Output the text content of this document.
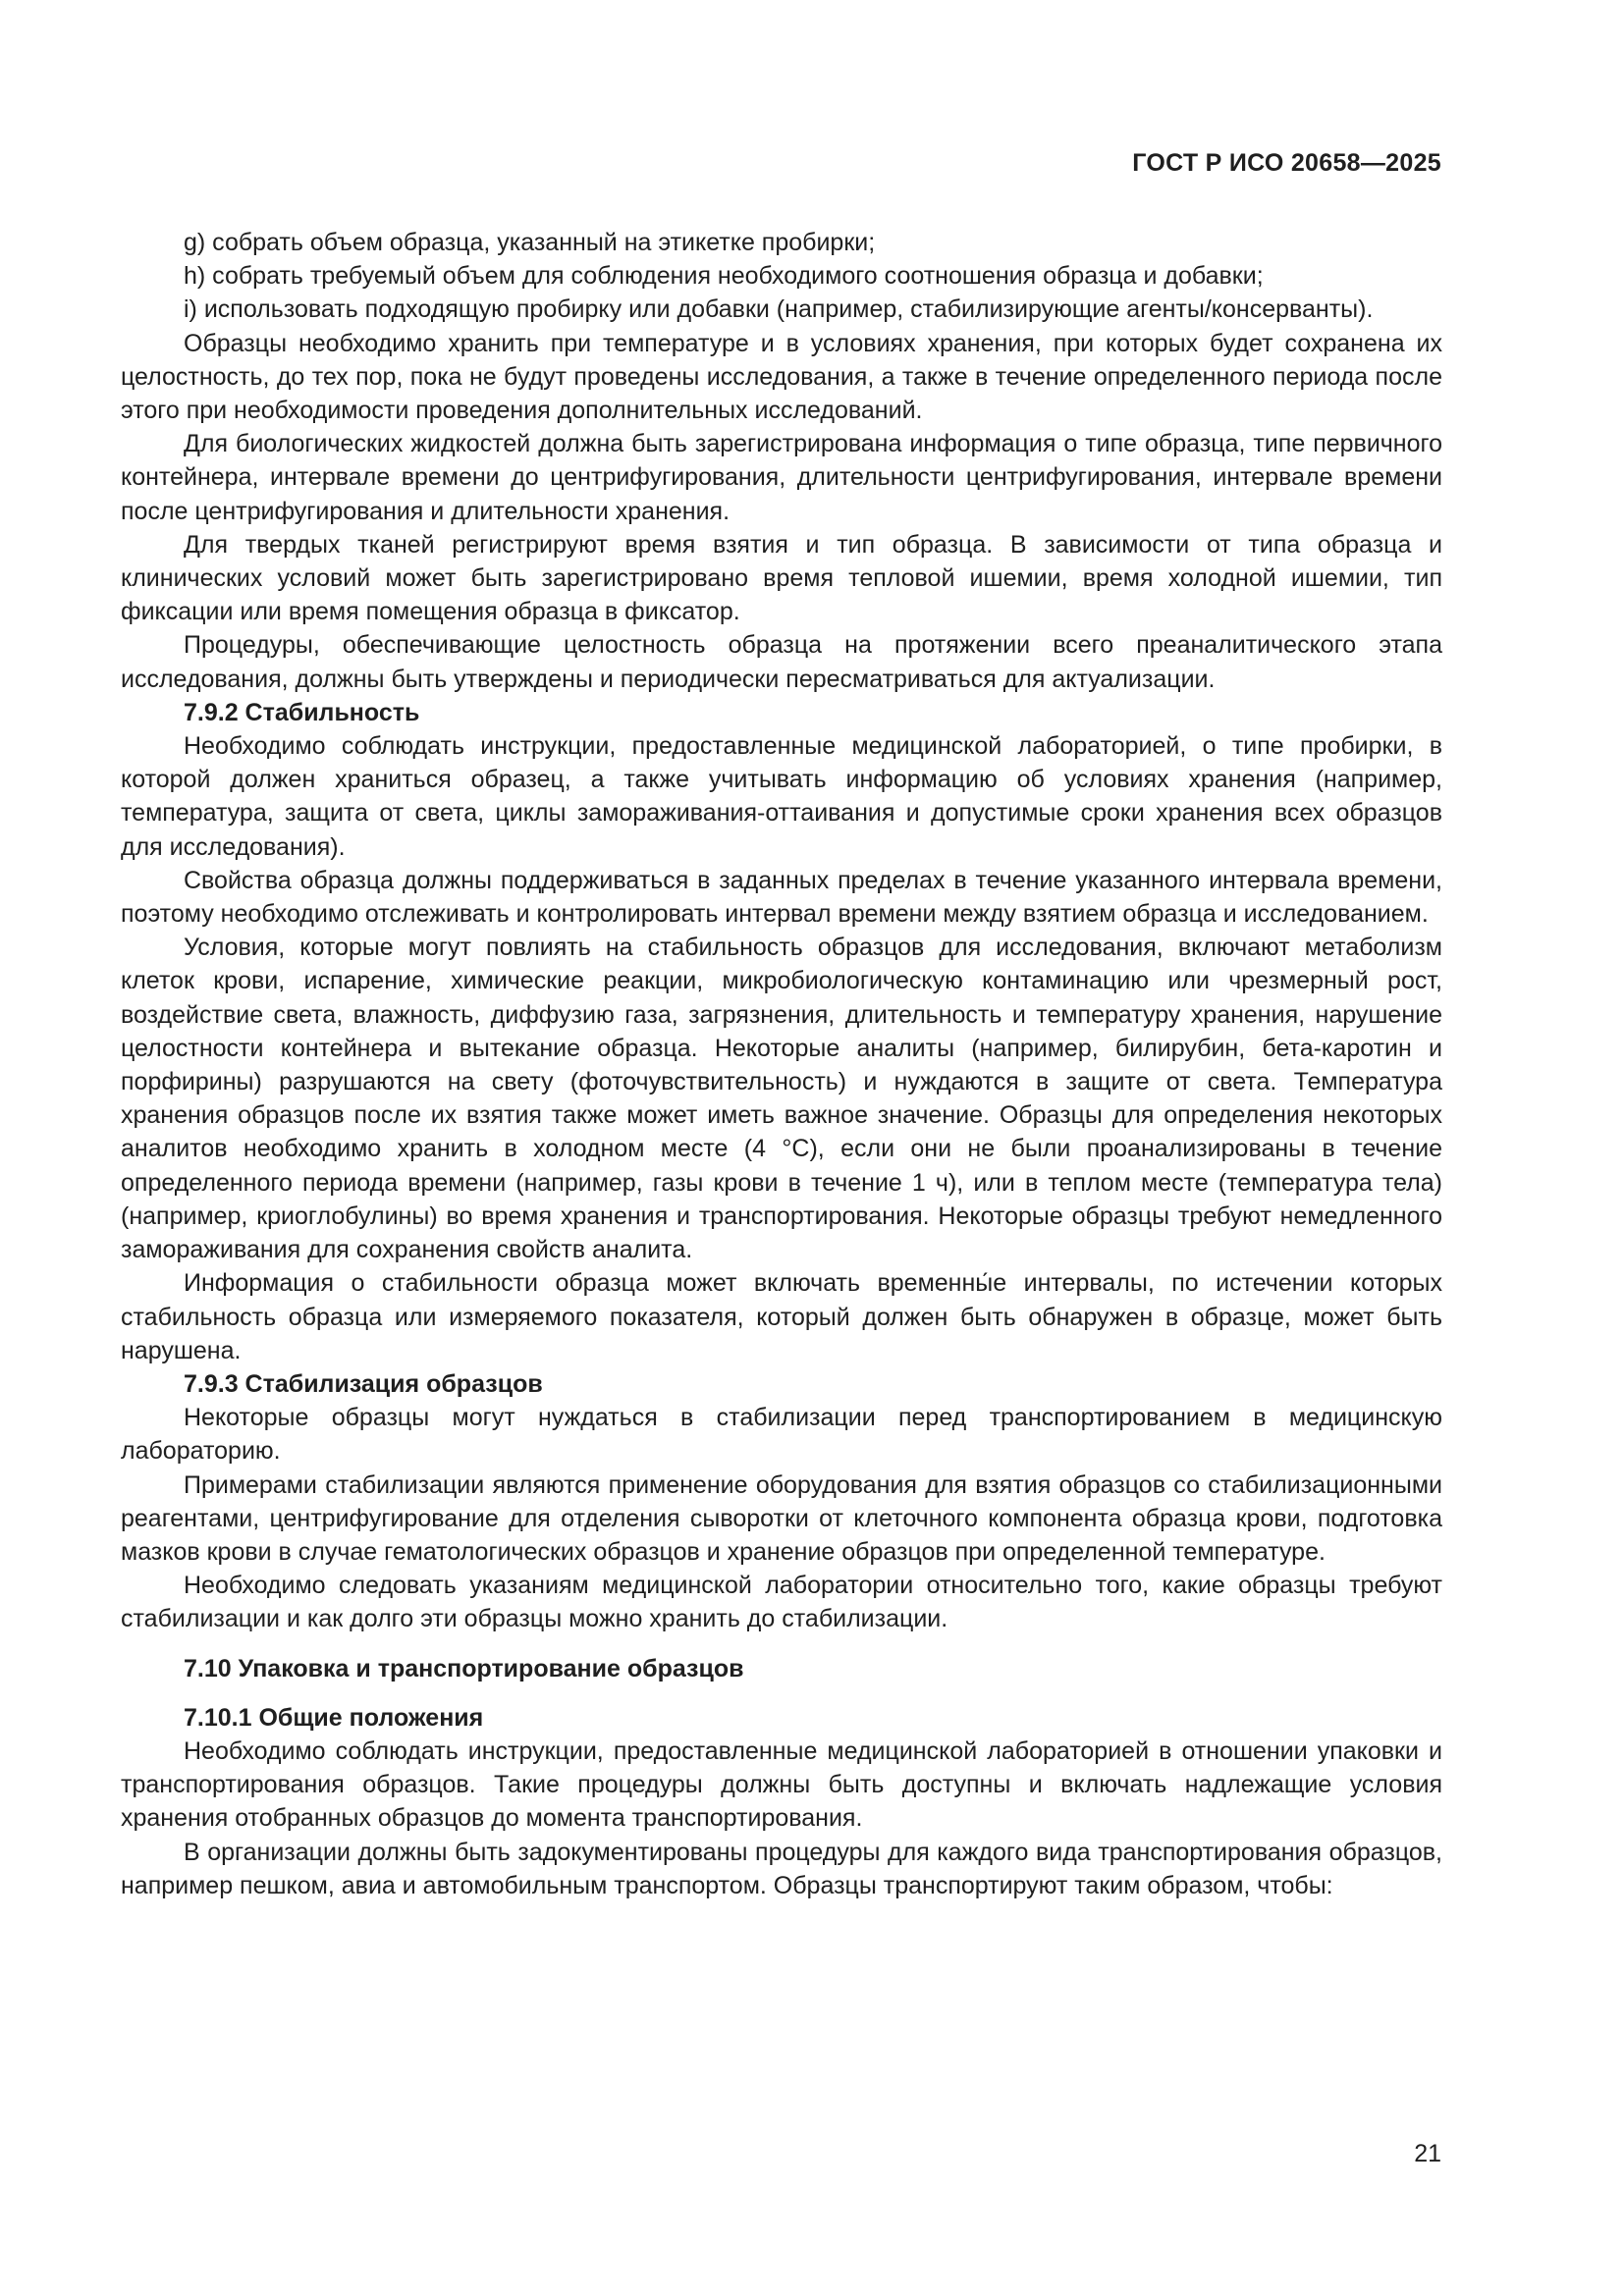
ГОСТ Р ИСО 20658—2025

g) собрать объем образца, указанный на этикетке пробирки;

h) собрать требуемый объем для соблюдения необходимого соотношения образца и добавки;

i) использовать подходящую пробирку или добавки (например, стабилизирующие агенты/консерванты).

Образцы необходимо хранить при температуре и в условиях хранения, при которых будет сохранена их целостность, до тех пор, пока не будут проведены исследования, а также в течение определенного периода после этого при необходимости проведения дополнительных исследований.

Для биологических жидкостей должна быть зарегистрирована информация о типе образца, типе первичного контейнера, интервале времени до центрифугирования, длительности центрифугирования, интервале времени после центрифугирования и длительности хранения.

Для твердых тканей регистрируют время взятия и тип образца. В зависимости от типа образца и клинических условий может быть зарегистрировано время тепловой ишемии, время холодной ишемии, тип фиксации или время помещения образца в фиксатор.

Процедуры, обеспечивающие целостность образца на протяжении всего преаналитического этапа исследования, должны быть утверждены и периодически пересматриваться для актуализации.

7.9.2 Стабильность

Необходимо соблюдать инструкции, предоставленные медицинской лабораторией, о типе пробирки, в которой должен храниться образец, а также учитывать информацию об условиях хранения (например, температура, защита от света, циклы замораживания-оттаивания и допустимые сроки хранения всех образцов для исследования).

Свойства образца должны поддерживаться в заданных пределах в течение указанного интервала времени, поэтому необходимо отслеживать и контролировать интервал времени между взятием образца и исследованием.

Условия, которые могут повлиять на стабильность образцов для исследования, включают метаболизм клеток крови, испарение, химические реакции, микробиологическую контаминацию или чрезмерный рост, воздействие света, влажность, диффузию газа, загрязнения, длительность и температуру хранения, нарушение целостности контейнера и вытекание образца. Некоторые аналиты (например, билирубин, бета-каротин и порфирины) разрушаются на свету (фоточувствительность) и нуждаются в защите от света. Температура хранения образцов после их взятия также может иметь важное значение. Образцы для определения некоторых аналитов необходимо хранить в холодном месте (4 °C), если они не были проанализированы в течение определенного периода времени (например, газы крови в течение 1 ч), или в теплом месте (температура тела) (например, криоглобулины) во время хранения и транспортирования. Некоторые образцы требуют немедленного замораживания для сохранения свойств аналита.

Информация о стабильности образца может включать временны́е интервалы, по истечении которых стабильность образца или измеряемого показателя, который должен быть обнаружен в образце, может быть нарушена.

7.9.3 Стабилизация образцов

Некоторые образцы могут нуждаться в стабилизации перед транспортированием в медицинскую лабораторию.

Примерами стабилизации являются применение оборудования для взятия образцов со стабилизационными реагентами, центрифугирование для отделения сыворотки от клеточного компонента образца крови, подготовка мазков крови в случае гематологических образцов и хранение образцов при определенной температуре.

Необходимо следовать указаниям медицинской лаборатории относительно того, какие образцы требуют стабилизации и как долго эти образцы можно хранить до стабилизации.

7.10 Упаковка и транспортирование образцов

7.10.1 Общие положения

Необходимо соблюдать инструкции, предоставленные медицинской лабораторией в отношении упаковки и транспортирования образцов. Такие процедуры должны быть доступны и включать надлежащие условия хранения отобранных образцов до момента транспортирования.

В организации должны быть задокументированы процедуры для каждого вида транспортирования образцов, например пешком, авиа и автомобильным транспортом. Образцы транспортируют таким образом, чтобы:

21
